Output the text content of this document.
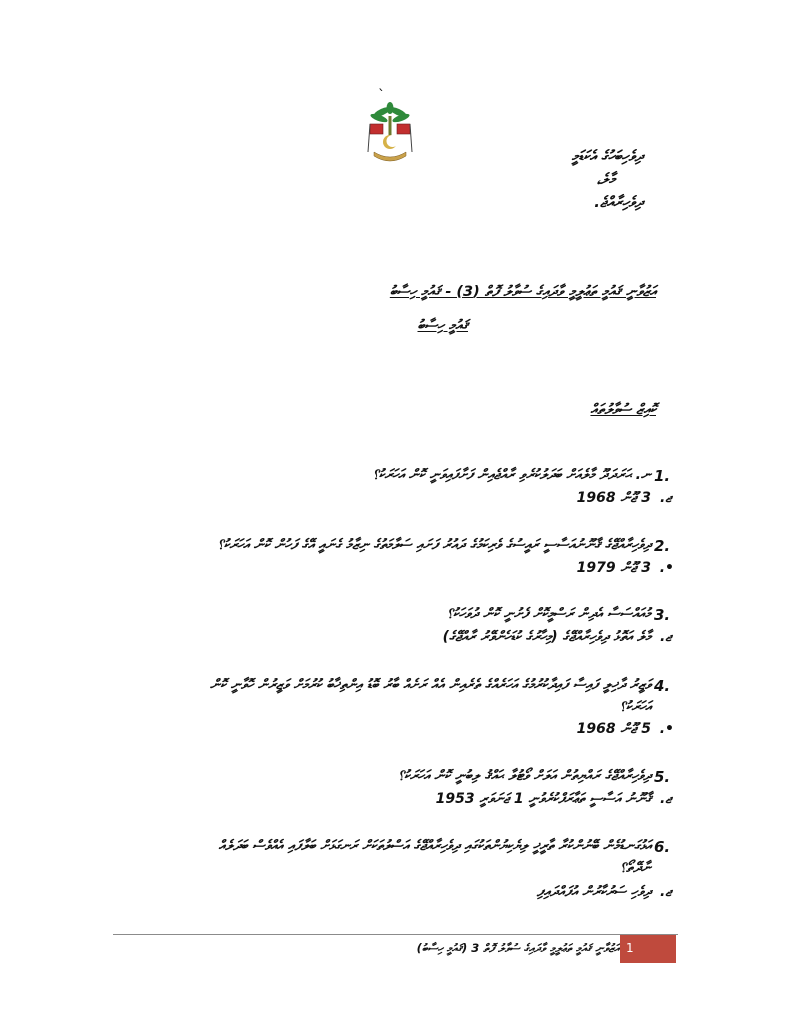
ˋ
ދިވެހިބަހުގެ އެކަޑަމީ
މާލެ،
ދިވެހިރާއްޖެ.
އަޒުވާނީ ޤައުމީ ތަޢުލީމީ ވާދައިގެ ސުވާލު ފޮތް (3) - ޤައުމީ ހިސާބު
ޤައުމީ ހިސާބު
ކޮއިޒް ސުވާލުތައް
1.
ނ. ޙަރަދަދޫ މާލެއަށް ބަދަލުކުރެވި ރާއްޖެއިން ފަށާފައިވަނީ ކޮން އަހަރަކު؟
ޖ.
3 ޖޫން 1968
2.
ދިވެހިރާއްޖޭގެ ޤާނޫނުއަސާސީ ރައީސުގެ ވެރިކަމުގެ ދައުރު ފަށައި ސަލާމަތުގެ ނިޒާމު ގެނައީ އޭގެ ފަހުން ކޮން އަހަރަކު؟
•.
3 ޖޫން 1979
3.
މުއައްސަސާ އެދިން ރަސްމީކޮށް ފެށުނީ ކޮން ދުވަހަކު؟
ޖ.
މާލެ އަތޮޅު ދިވެހިރާއްޖޭގެ (މިހާރުގެ ކުޑަހެންވޭރު ރާއްޖޭގެ)
4.
ވަޒީރު ދާޚިލީ ފައިސާ ފައިދާކުރުމުގެ އަހަރެއްގެ ތެރެއިން އެއް ރަށެއް ބާރު ބޮޑު އިންތިޚާބު ކުރުމަށް ވަޒީރުން ހޮވާނީ ކޮން
އަހަރަކު؟
•.
5 ޖޫން 1968
5.
ދިވެހިރާއްޖޭގެ ރައްޔިތުން އަލަށް ވޯޓުލާ ޙައްޤު ލިބުނީ ކޮން އަހަރަކު؟
ޖ.
ޤާނޫނު އަސާސީ ތަޢާރަފްކުރެވުނީ 1 ޖަނަވަރީ 1953
6.
އަޅުގަނޑުމެން ބޭނުންކުރާ ތާރީޚީ ލިޔެކިޔުންތަކުގައި ދިވެހިރާއްޖޭގެ އަސްލުތަކަށް ރަނގަޅަށް ބަލާފައި އެއްވެސް ބަދަލެއް
ނާދޭތޯ؟
ޖ.
ދިވެހި ސަރުކާރުން އުފައްދައިފި
އަޒުވާނީ ޤައުމީ ތަޢުލީމީ ވާދައިގެ ސުވާލު ފޮތް 3 (ޤައުމީ ހިސާބު) 1
